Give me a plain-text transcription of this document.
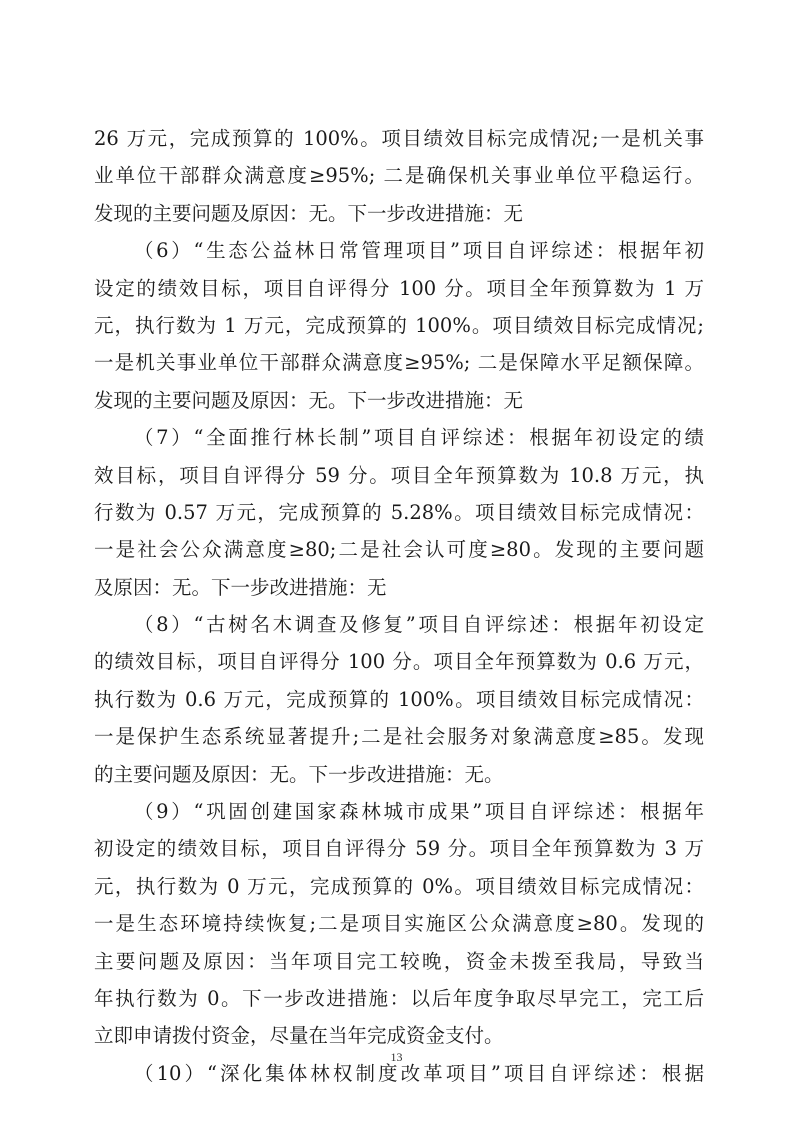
26 万元，完成预算的 100%。项目绩效目标完成情况;一是机关事
业单位干部群众满意度≥95%; 二是确保机关事业单位平稳运行。
发现的主要问题及原因：无。下一步改进措施：无
（6）“生态公益林日常管理项目”项目自评综述：根据年初
设定的绩效目标，项目自评得分 100 分。项目全年预算数为 1 万
元，执行数为 1 万元，完成预算的 100%。项目绩效目标完成情况;
一是机关事业单位干部群众满意度≥95%; 二是保障水平足额保障。
发现的主要问题及原因：无。下一步改进措施：无
（7）“全面推行林长制”项目自评综述：根据年初设定的绩
效目标，项目自评得分 59 分。项目全年预算数为 10.8 万元，执
行数为 0.57 万元，完成预算的 5.28%。项目绩效目标完成情况：
一是社会公众满意度≥80;二是社会认可度≥80。发现的主要问题
及原因：无。下一步改进措施：无
（8）“古树名木调查及修复”项目自评综述：根据年初设定
的绩效目标，项目自评得分 100 分。项目全年预算数为 0.6 万元，
执行数为 0.6 万元，完成预算的 100%。项目绩效目标完成情况：
一是保护生态系统显著提升;二是社会服务对象满意度≥85。发现
的主要问题及原因：无。下一步改进措施：无。
（9）“巩固创建国家森林城市成果”项目自评综述：根据年
初设定的绩效目标，项目自评得分 59 分。项目全年预算数为 3 万
元，执行数为 0 万元，完成预算的 0%。项目绩效目标完成情况：
一是生态环境持续恢复;二是项目实施区公众满意度≥80。发现的
主要问题及原因：当年项目完工较晚，资金未拨至我局，导致当
年执行数为 0。下一步改进措施：以后年度争取尽早完工，完工后
立即申请拨付资金，尽量在当年完成资金支付。
（10）“深化集体林权制度改革项目”项目自评综述：根据
13
